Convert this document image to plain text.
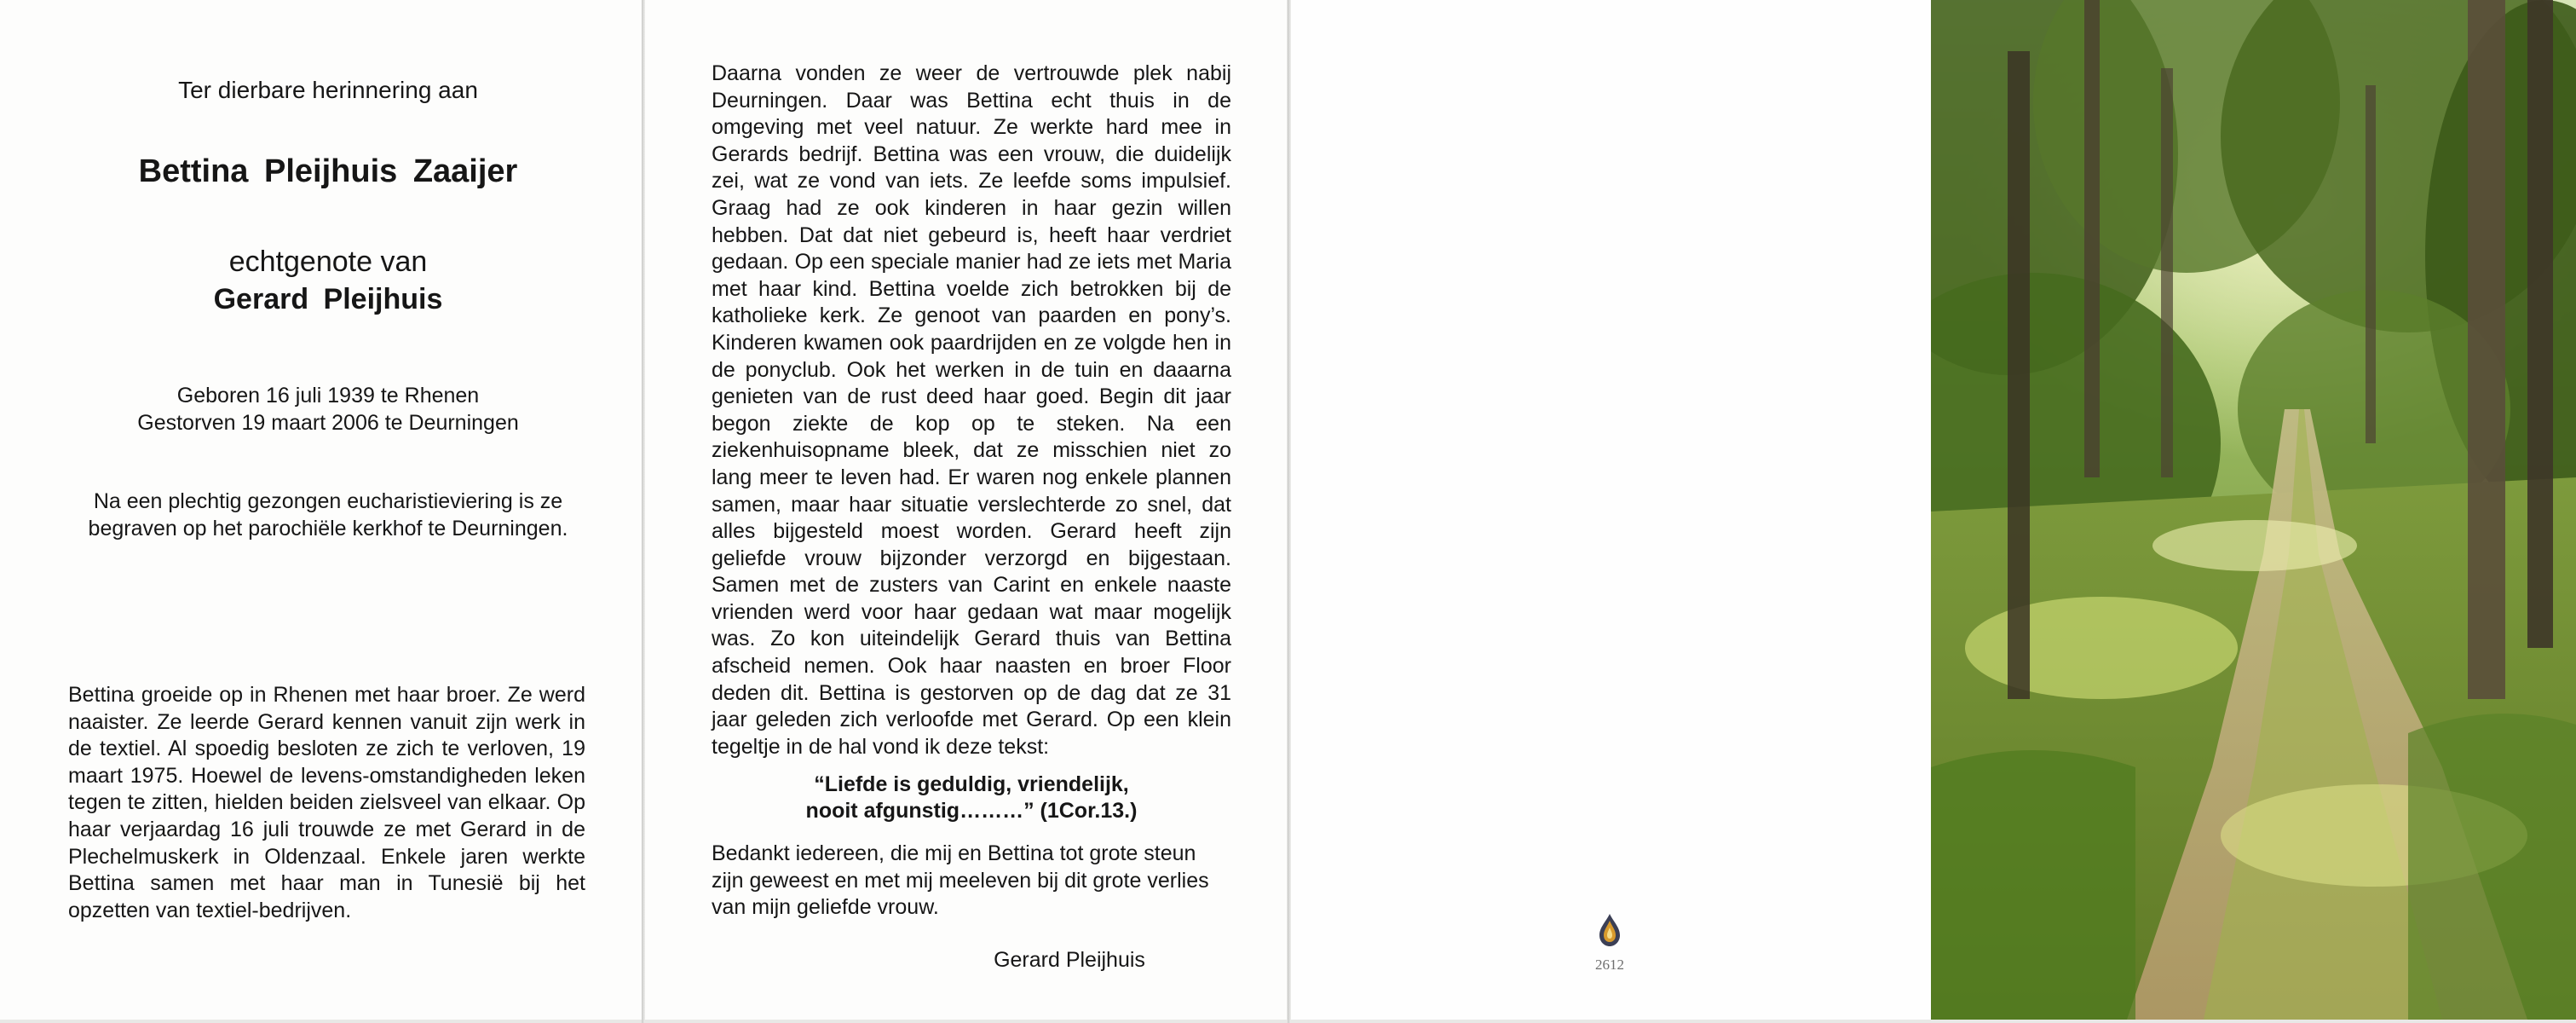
Ter dierbare herinnering aan
Bettina Pleijhuis Zaaijer
echtgenote van
Gerard Pleijhuis
Geboren 16 juli 1939 te Rhenen
Gestorven 19 maart 2006 te Deurningen
Na een plechtig gezongen eucharistieviering is ze begraven op het parochiële kerkhof te Deurningen.
Bettina groeide op in Rhenen met haar broer. Ze werd naaister. Ze leerde Gerard kennen vanuit zijn werk in de textiel. Al spoedig besloten ze zich te verloven, 19 maart 1975. Hoewel de levens-omstandigheden leken tegen te zitten, hielden beiden zielsveel van elkaar. Op haar verjaardag 16 juli trouwde ze met Gerard in de Plechelmuskerk in Oldenzaal. Enkele jaren werkte Bettina samen met haar man in Tunesië bij het opzetten van textiel-bedrijven.
Daarna vonden ze weer de vertrouwde plek nabij Deurningen. Daar was Bettina echt thuis in de omgeving met veel natuur. Ze werkte hard mee in Gerards bedrijf. Bettina was een vrouw, die duidelijk zei, wat ze vond van iets. Ze leefde soms impulsief. Graag had ze ook kinderen in haar gezin willen hebben. Dat dat niet gebeurd is, heeft haar verdriet gedaan. Op een speciale manier had ze iets met Maria met haar kind. Bettina voelde zich betrokken bij de katholieke kerk. Ze genoot van paarden en pony’s. Kinderen kwamen ook paardrijden en ze volgde hen in de ponyclub. Ook het werken in de tuin en daaarna genieten van de rust deed haar goed. Begin dit jaar begon ziekte de kop op te steken. Na een ziekenhuisopname bleek, dat ze misschien niet zo lang meer te leven had. Er waren nog enkele plannen samen, maar haar situatie verslechterde zo snel, dat alles bijgesteld moest worden. Gerard heeft zijn geliefde vrouw bijzonder verzorgd en bijgestaan. Samen met de zusters van Carint en enkele naaste vrienden werd voor haar gedaan wat maar mogelijk was. Zo kon uiteindelijk Gerard thuis van Bettina afscheid nemen. Ook haar naasten en broer Floor deden dit. Bettina is gestorven op de dag dat ze 31 jaar geleden zich verloofde met Gerard. Op een klein tegeltje in de hal vond ik deze tekst:
“Liefde is geduldig, vriendelijk,
nooit afgunstig………” (1Cor.13.)
Bedankt iedereen, die mij en Bettina tot grote steun zijn geweest en met mij meeleven bij dit grote verlies van mijn geliefde vrouw.
Gerard Pleijhuis	2612
